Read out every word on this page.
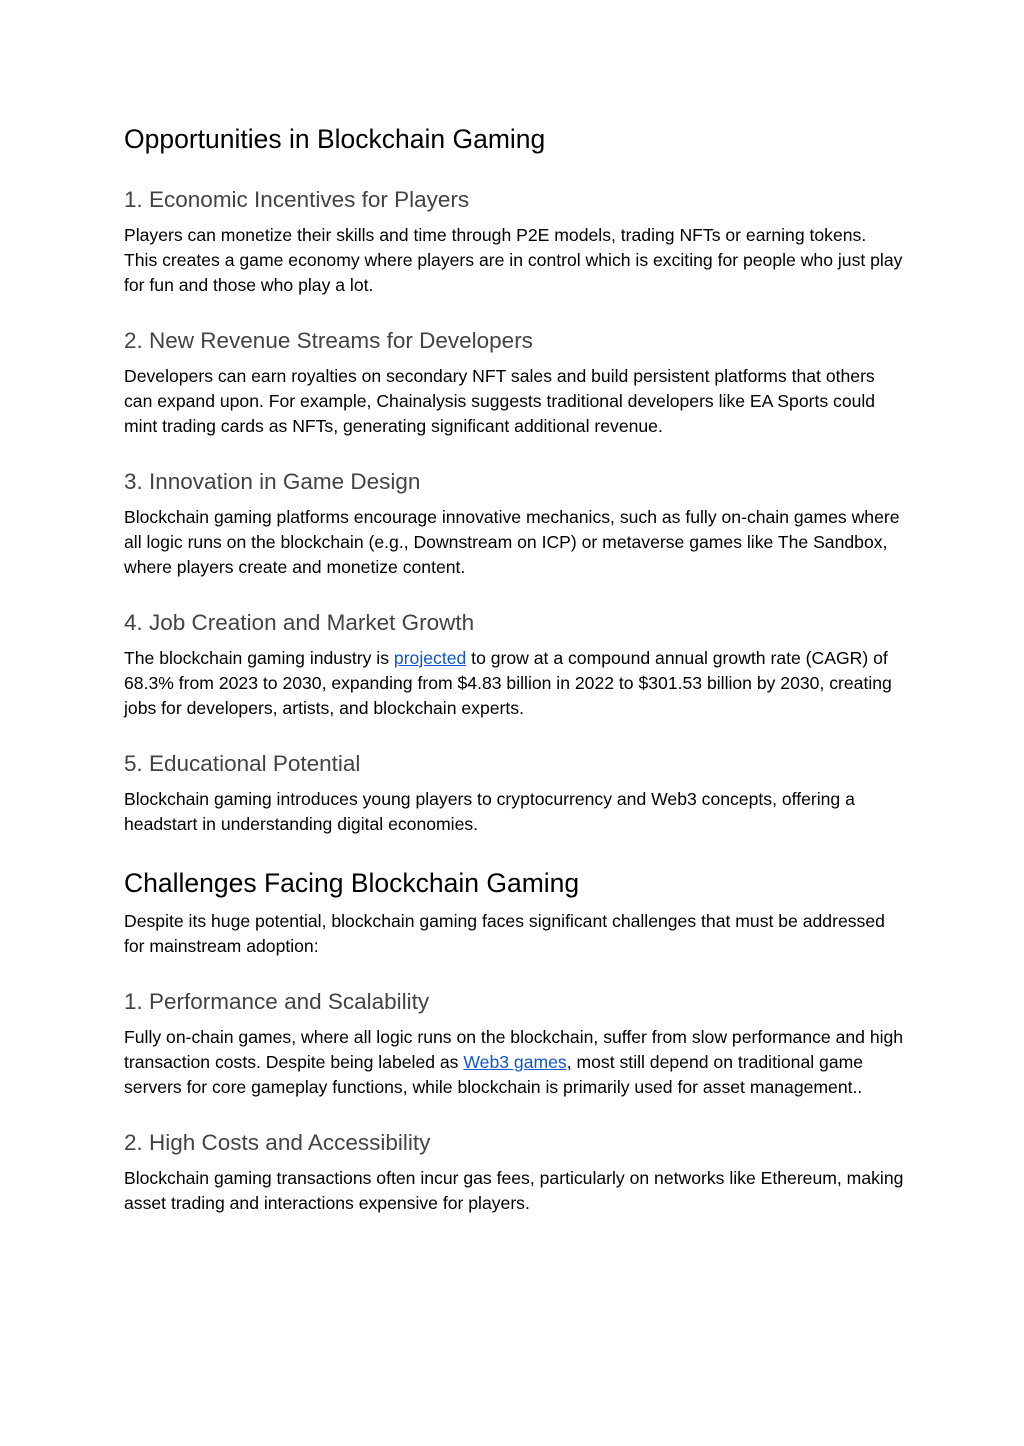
Opportunities in Blockchain Gaming
1. Economic Incentives for Players

Players can monetize their skills and time through P2E models, trading NFTs or earning tokens. This creates a game economy where players are in control which is exciting for people who just play for fun and those who play a lot.

2. New Revenue Streams for Developers

Developers can earn royalties on secondary NFT sales and build persistent platforms that others can expand upon. For example, Chainalysis suggests traditional developers like EA Sports could mint trading cards as NFTs, generating significant additional revenue.

3. Innovation in Game Design

Blockchain gaming platforms encourage innovative mechanics, such as fully on-chain games where all logic runs on the blockchain (e.g., Downstream on ICP) or metaverse games like The Sandbox, where players create and monetize content.

4. Job Creation and Market Growth

The blockchain gaming industry is projected to grow at a compound annual growth rate (CAGR) of 68.3% from 2023 to 2030, expanding from $4.83 billion in 2022 to $301.53 billion by 2030, creating jobs for developers, artists, and blockchain experts.

5. Educational Potential

Blockchain gaming introduces young players to cryptocurrency and Web3 concepts, offering a headstart in understanding digital economies.

Challenges Facing Blockchain Gaming

Despite its huge potential, blockchain gaming faces significant challenges that must be addressed for mainstream adoption:

1. Performance and Scalability

Fully on-chain games, where all logic runs on the blockchain, suffer from slow performance and high transaction costs. Despite being labeled as Web3 games, most still depend on traditional game servers for core gameplay functions, while blockchain is primarily used for asset management..

2. High Costs and Accessibility

Blockchain gaming transactions often incur gas fees, particularly on networks like Ethereum, making asset trading and interactions expensive for players.
